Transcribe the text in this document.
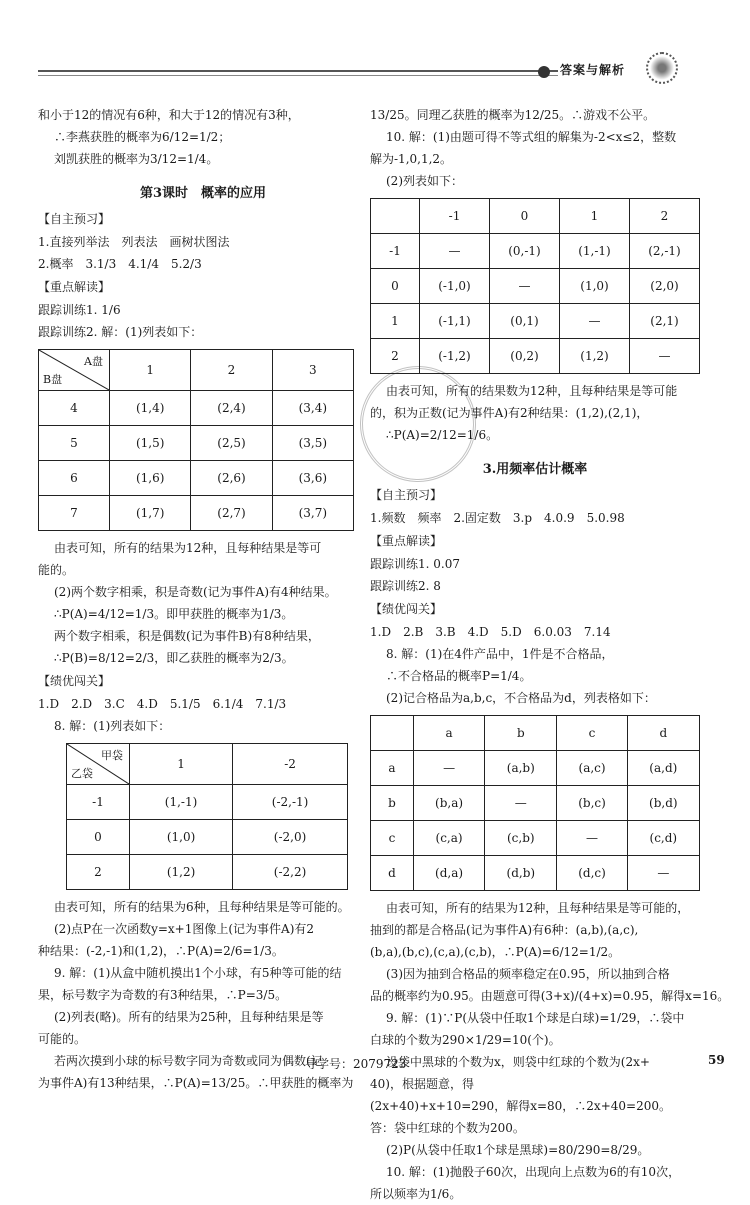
答案与解析

和小于12的情况有6种，和大于12的情况有3种，

∴李燕获胜的概率为6/12=1/2；

刘凯获胜的概率为3/12=1/4。

第3课时　概率的应用
【自主预习】

1.直接列举法　列表法　画树状图法

2.概率　3.1/3　4.1/4　5.2/3

【重点解读】

跟踪训练1. 1/6

跟踪训练2. 解：(1)列表如下：

A盘
B盘	1	2	3
4	(1,4)	(2,4)	(3,4)
5	(1,5)	(2,5)	(3,5)
6	(1,6)	(2,6)	(3,6)
7	(1,7)	(2,7)	(3,7)

由表可知，所有的结果为12种，且每种结果是等可

能的。

(2)两个数字相乘，积是奇数(记为事件A)有4种结果。

∴P(A)=4/12=1/3。即甲获胜的概率为1/3。

两个数字相乘，积是偶数(记为事件B)有8种结果，

∴P(B)=8/12=2/3，即乙获胜的概率为2/3。

【绩优闯关】

1.D　2.D　3.C　4.D　5.1/5　6.1/4　7.1/3

8. 解：(1)列表如下：

甲袋
乙袋	1	-2
-1	(1,-1)	(-2,-1)
0	(1,0)	(-2,0)
2	(1,2)	(-2,2)

由表可知，所有的结果为6种，且每种结果是等可能的。

(2)点P在一次函数y=x+1图像上(记为事件A)有2

种结果：(-2,-1)和(1,2)，∴P(A)=2/6=1/3。

9. 解：(1)从盒中随机摸出1个小球，有5种等可能的结

果，标号数字为奇数的有3种结果，∴P=3/5。

(2)列表(略)。所有的结果为25种，且每种结果是等

可能的。

若两次摸到小球的标号数字同为奇数或同为偶数(记

为事件A)有13种结果，∴P(A)=13/25。∴甲获胜的概率为

13/25。同理乙获胜的概率为12/25。∴游戏不公平。

10. 解：(1)由题可得不等式组的解集为-2<x≤2，整数

解为-1,0,1,2。

(2)列表如下：

	-1	0	1	2
-1	—	(0,-1)	(1,-1)	(2,-1)
0	(-1,0)	—	(1,0)	(2,0)
1	(-1,1)	(0,1)	—	(2,1)
2	(-1,2)	(0,2)	(1,2)	—

由表可知，所有的结果数为12种，且每种结果是等可能

的，积为正数(记为事件A)有2种结果：(1,2),(2,1)，

∴P(A)=2/12=1/6。

3.用频率估计概率
【自主预习】

1.频数　频率　2.固定数　3.p　4.0.9　5.0.98

【重点解读】

跟踪训练1. 0.07

跟踪训练2. 8

【绩优闯关】

1.D　2.B　3.B　4.D　5.D　6.0.03　7.14

8. 解：(1)在4件产品中，1件是不合格品，

∴不合格品的概率P=1/4。

(2)记合格品为a,b,c，不合格品为d，列表格如下：

	a	b	c	d
a	—	(a,b)	(a,c)	(a,d)
b	(b,a)	—	(b,c)	(b,d)
c	(c,a)	(c,b)	—	(c,d)
d	(d,a)	(d,b)	(d,c)	—

由表可知，所有的结果为12种，且每种结果是等可能的，

抽到的都是合格品(记为事件A)有6种：(a,b),(a,c),

(b,a),(b,c),(c,a),(c,b)，∴P(A)=6/12=1/2。

(3)因为抽到合格品的频率稳定在0.95，所以抽到合格

品的概率约为0.95。由题意可得(3+x)/(4+x)=0.95，解得x=16。

9. 解：(1)∵P(从袋中任取1个球是白球)=1/29，∴袋中

白球的个数为290×1/29=10(个)。

设袋中黑球的个数为x，则袋中红球的个数为(2x+

40)，根据题意，得

(2x+40)+x+10=290，解得x=80，∴2x+40=200。

答：袋中红球的个数为200。

(2)P(从袋中任取1个球是黑球)=80/290=8/29。

10. 解：(1)抛骰子60次，出现向上点数为6的有10次，

所以频率为1/6。

导学号：2079723	59
